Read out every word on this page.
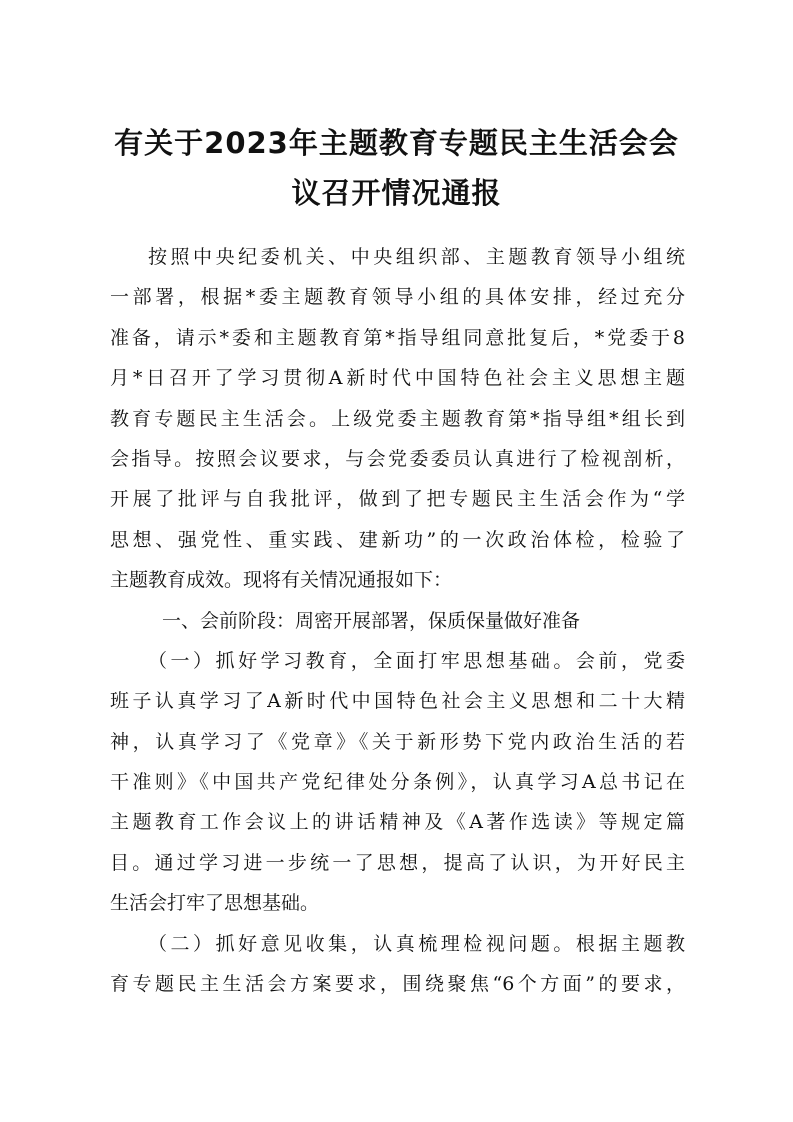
有关于2023年主题教育专题民主生活会会
议召开情况通报
按照中央纪委机关、中央组织部、主题教育领导小组统
一部署，根据*委主题教育领导小组的具体安排，经过充分
准备，请示*委和主题教育第*指导组同意批复后，*党委于8
月*日召开了学习贯彻A新时代中国特色社会主义思想主题
教育专题民主生活会。上级党委主题教育第*指导组*组长到
会指导。按照会议要求，与会党委委员认真进行了检视剖析，
开展了批评与自我批评，做到了把专题民主生活会作为“学
思想、强党性、重实践、建新功”的一次政治体检，检验了
主题教育成效。现将有关情况通报如下：
一、会前阶段：周密开展部署，保质保量做好准备
（一）抓好学习教育，全面打牢思想基础。会前，党委
班子认真学习了A新时代中国特色社会主义思想和二十大精
神，认真学习了《党章》《关于新形势下党内政治生活的若
干准则》《中国共产党纪律处分条例》，认真学习A总书记在
主题教育工作会议上的讲话精神及《A著作选读》等规定篇
目。通过学习进一步统一了思想，提高了认识，为开好民主
生活会打牢了思想基础。
（二）抓好意见收集，认真梳理检视问题。根据主题教
育专题民主生活会方案要求，围绕聚焦“6个方面”的要求，
